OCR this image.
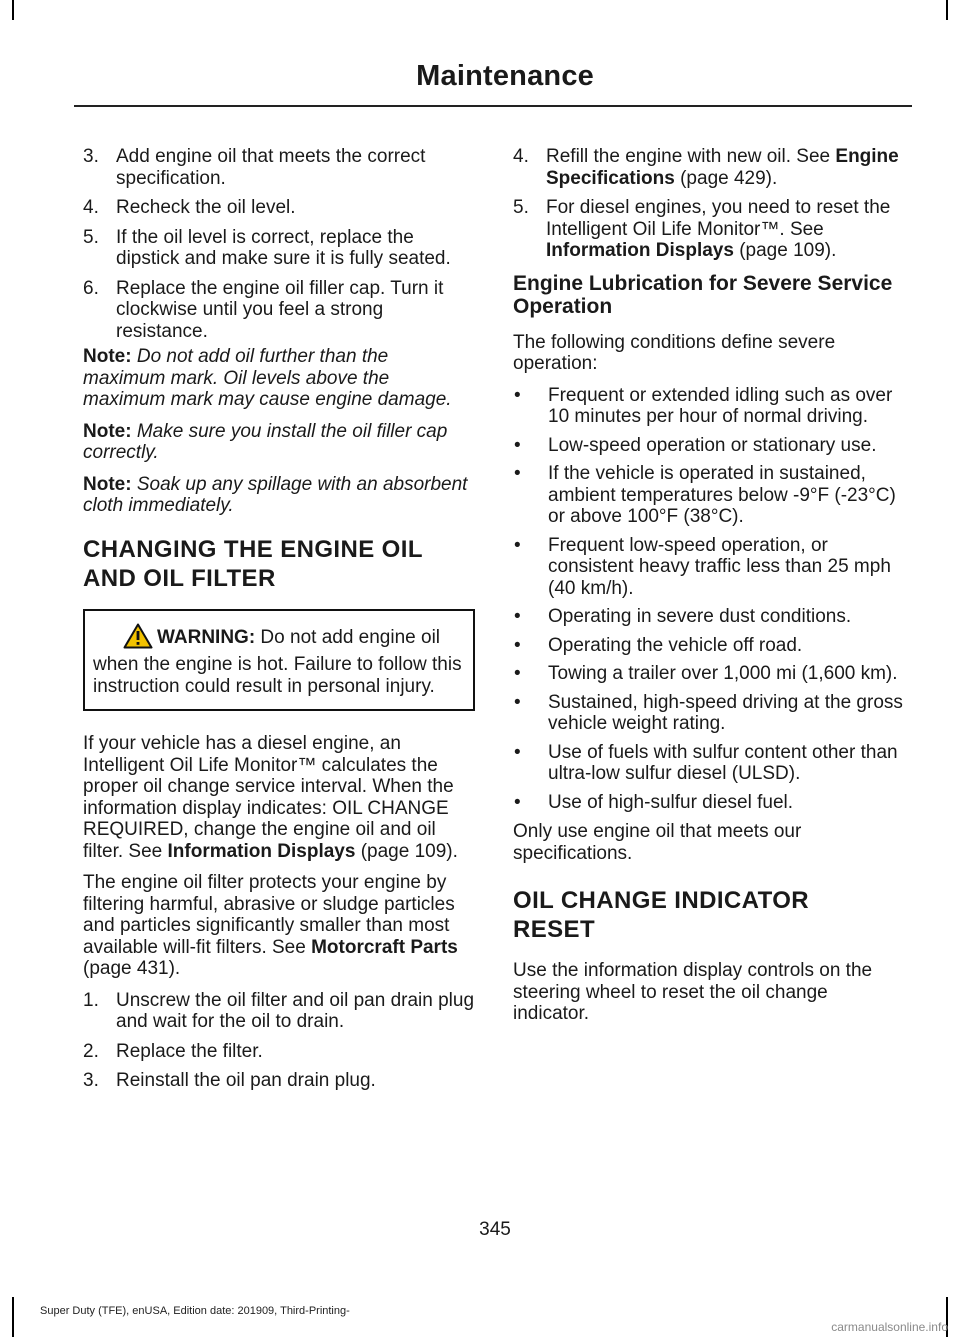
Maintenance
3. Add engine oil that meets the correct specification.
4. Recheck the oil level.
5. If the oil level is correct, replace the dipstick and make sure it is fully seated.
6. Replace the engine oil filler cap. Turn it clockwise until you feel a strong resistance.

Note: Do not add oil further than the maximum mark. Oil levels above the maximum mark may cause engine damage.

Note: Make sure you install the oil filler cap correctly.

Note: Soak up any spillage with an absorbent cloth immediately.

CHANGING THE ENGINE OIL
AND OIL FILTER
WARNING: Do not add engine oil when the engine is hot. Failure to follow this instruction could result in personal injury.

If your vehicle has a diesel engine, an Intelligent Oil Life Monitor™ calculates the proper oil change service interval. When the information display indicates: OIL CHANGE REQUIRED, change the engine oil and oil filter. See Information Displays (page 109).

The engine oil filter protects your engine by filtering harmful, abrasive or sludge particles and particles significantly smaller than most available will-fit filters. See Motorcraft Parts (page 431).

1. Unscrew the oil filter and oil pan drain plug and wait for the oil to drain.
2. Replace the filter.
3. Reinstall the oil pan drain plug.
4. Refill the engine with new oil. See Engine Specifications (page 429).
5. For diesel engines, you need to reset the Intelligent Oil Life Monitor™. See Information Displays (page 109).
Engine Lubrication for Severe Service Operation

The following conditions define severe operation:

• Frequent or extended idling such as over 10 minutes per hour of normal driving.
• Low-speed operation or stationary use.
• If the vehicle is operated in sustained, ambient temperatures below -9°F (-23°C) or above 100°F (38°C).
• Frequent low-speed operation, or consistent heavy traffic less than 25 mph (40 km/h).
• Operating in severe dust conditions.
• Operating the vehicle off road.
• Towing a trailer over 1,000 mi (1,600 km).
• Sustained, high-speed driving at the gross vehicle weight rating.
• Use of fuels with sulfur content other than ultra-low sulfur diesel (ULSD).
• Use of high-sulfur diesel fuel.

Only use engine oil that meets our specifications.

OIL CHANGE INDICATOR
RESET

Use the information display controls on the steering wheel to reset the oil change indicator.

345
Super Duty (TFE), enUSA, Edition date: 201909, Third-Printing-
carmanualsonline.info
